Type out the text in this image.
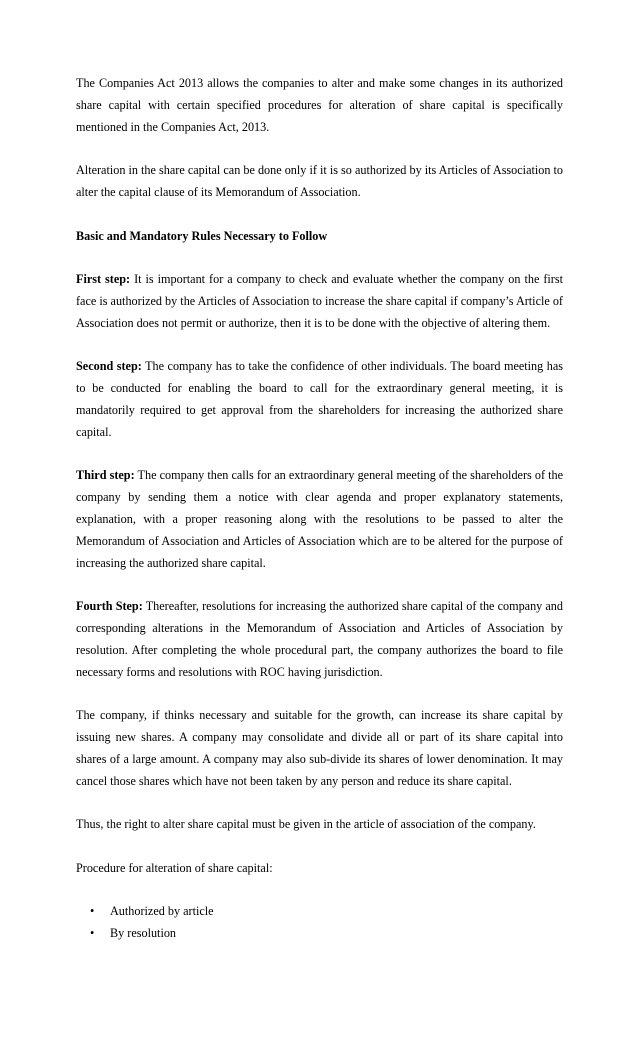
The Companies Act 2013 allows the companies to alter and make some changes in its authorized share capital with certain specified procedures for alteration of share capital is specifically mentioned in the Companies Act, 2013.

Alteration in the share capital can be done only if it is so authorized by its Articles of Association to alter the capital clause of its Memorandum of Association.

Basic and Mandatory Rules Necessary to Follow

First step: It is important for a company to check and evaluate whether the company on the first face is authorized by the Articles of Association to increase the share capital if company’s Article of Association does not permit or authorize, then it is to be done with the objective of altering them.

Second step: The company has to take the confidence of other individuals. The board meeting has to be conducted for enabling the board to call for the extraordinary general meeting, it is mandatorily required to get approval from the shareholders for increasing the authorized share capital.

Third step: The company then calls for an extraordinary general meeting of the shareholders of the company by sending them a notice with clear agenda and proper explanatory statements, explanation, with a proper reasoning along with the resolutions to be passed to alter the Memorandum of Association and Articles of Association which are to be altered for the purpose of increasing the authorized share capital.

Fourth Step: Thereafter, resolutions for increasing the authorized share capital of the company and corresponding alterations in the Memorandum of Association and Articles of Association by resolution. After completing the whole procedural part, the company authorizes the board to file necessary forms and resolutions with ROC having jurisdiction.

The company, if thinks necessary and suitable for the growth, can increase its share capital by issuing new shares. A company may consolidate and divide all or part of its share capital into shares of a large amount. A company may also sub-divide its shares of lower denomination. It may cancel those shares which have not been taken by any person and reduce its share capital.

Thus, the right to alter share capital must be given in the article of association of the company.

Procedure for alteration of share capital:

• Authorized by article
• By resolution
